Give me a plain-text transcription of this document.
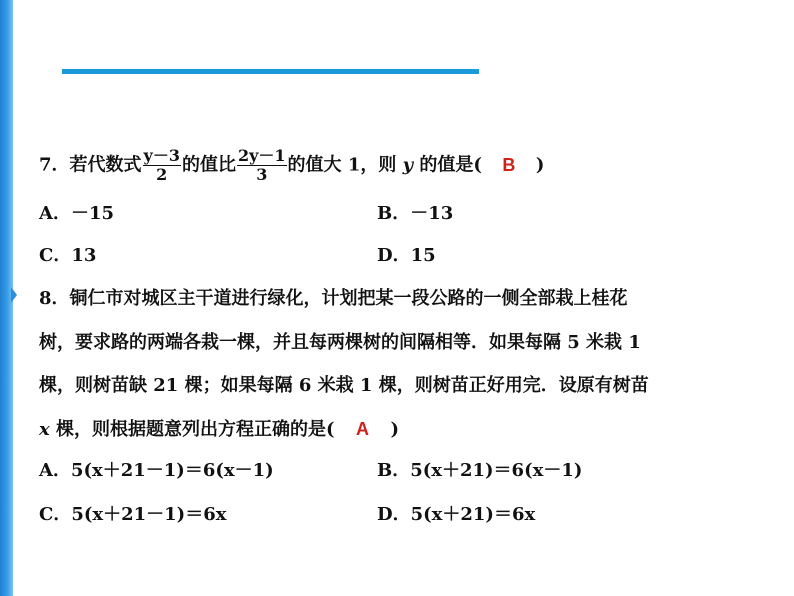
7．若代数式 $\frac{y-3}{2}$ 的值比 $\frac{2y-1}{3}$ 的值大 1，则 y 的值是( B )
A．－15	B．－13
C．13	D．15
8．铜仁市对城区主干道进行绿化，计划把某一段公路的一侧全部栽上桂花
树，要求路的两端各栽一棵，并且每两棵树的间隔相等．如果每隔 5 米栽 1
棵，则树苗缺 21 棵；如果每隔 6 米栽 1 棵，则树苗正好用完．设原有树苗
x 棵，则根据题意列出方程正确的是( A )
A．5(x＋21－1)＝6(x－1)	B．5(x＋21)＝6(x－1)
C．5(x＋21－1)＝6x	D．5(x＋21)＝6x
